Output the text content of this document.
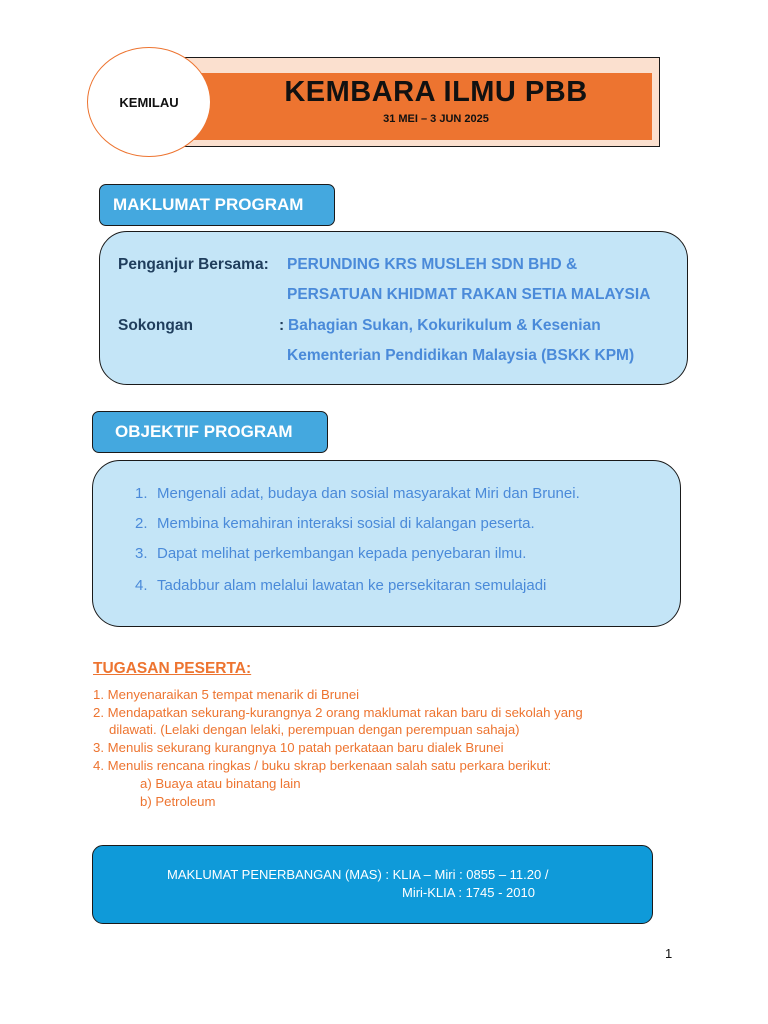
KEMBARA ILMU PBB
31 MEI – 3 JUN 2025
KEMILAU
MAKLUMAT PROGRAM
Penganjur Bersama: PERUNDING KRS MUSLEH SDN BHD &
PERSATUAN KHIDMAT RAKAN SETIA MALAYSIA
Sokongan	: Bahagian Sukan, Kokurikulum & Kesenian
Kementerian Pendidikan Malaysia (BSKK KPM)
OBJEKTIF PROGRAM
1. Mengenali adat, budaya dan sosial masyarakat Miri dan Brunei.
2. Membina kemahiran interaksi sosial di kalangan peserta.
3. Dapat melihat perkembangan kepada penyebaran ilmu.
4. Tadabbur alam melalui lawatan ke persekitaran semulajadi
TUGASAN PESERTA:
1. Menyenaraikan 5 tempat menarik di Brunei
2. Mendapatkan sekurang-kurangnya 2 orang maklumat rakan baru di sekolah yang
dilawati. (Lelaki dengan lelaki, perempuan dengan perempuan sahaja)
3. Menulis sekurang kurangnya 10 patah perkataan baru dialek Brunei
4. Menulis rencana ringkas / buku skrap berkenaan salah satu perkara berikut:
a) Buaya atau binatang lain
b) Petroleum
MAKLUMAT PENERBANGAN (MAS) : KLIA – Miri : 0855 – 11.20 /
Miri-KLIA : 1745 - 2010
1
